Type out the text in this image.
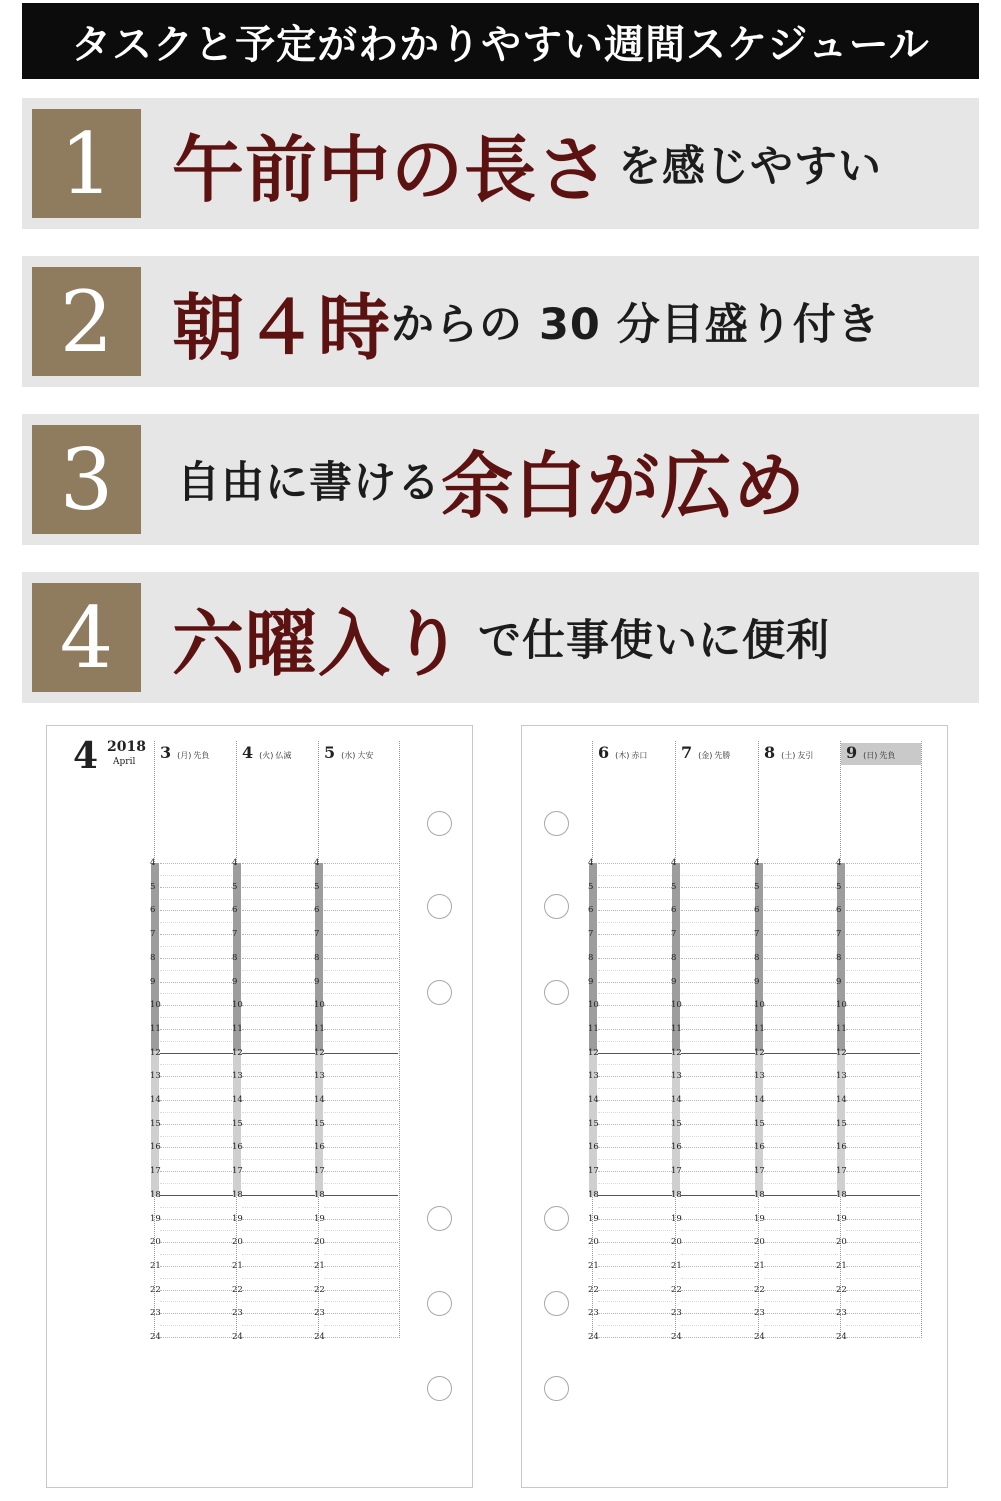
タスクと予定がわかりやすい週間スケジュール
1 午前中の長さ を感じやすい
2 朝４時 からの 30 分目盛り付き
3	自由に書ける 余白が広め
4 六曜入り で仕事使いに便利
4 2018
April 3 (月) 先負
4
5
6
7
8
9
10
11
12
13
14
15
16
17
18
19
20
21
22
23
24
4 (火) 仏滅
4
5
6
7
8
9
10
11
12
13
14
15
16
17
18
19
20
21
22
23
24
5 (水) 大安
4
5
6
7
8
9
10
11
12
13
14
15
16
17
18
19
20
21
22
23
24
6 (木) 赤口
4
5
6
7
8
9
10
11
12
13
14
15
16
17
18
19
20
21
22
23
24
7 (金) 先勝
4
5
6
7
8
9
10
11
12
13
14
15
16
17
18
19
20
21
22
23
24
8 (土) 友引
4
5
6
7
8
9
10
11
12
13
14
15
16
17
18
19
20
21
22
23
24
9 (日) 先負
4
5
6
7
8
9
10
11
12
13
14
15
16
17
18
19
20
21
22
23
24
